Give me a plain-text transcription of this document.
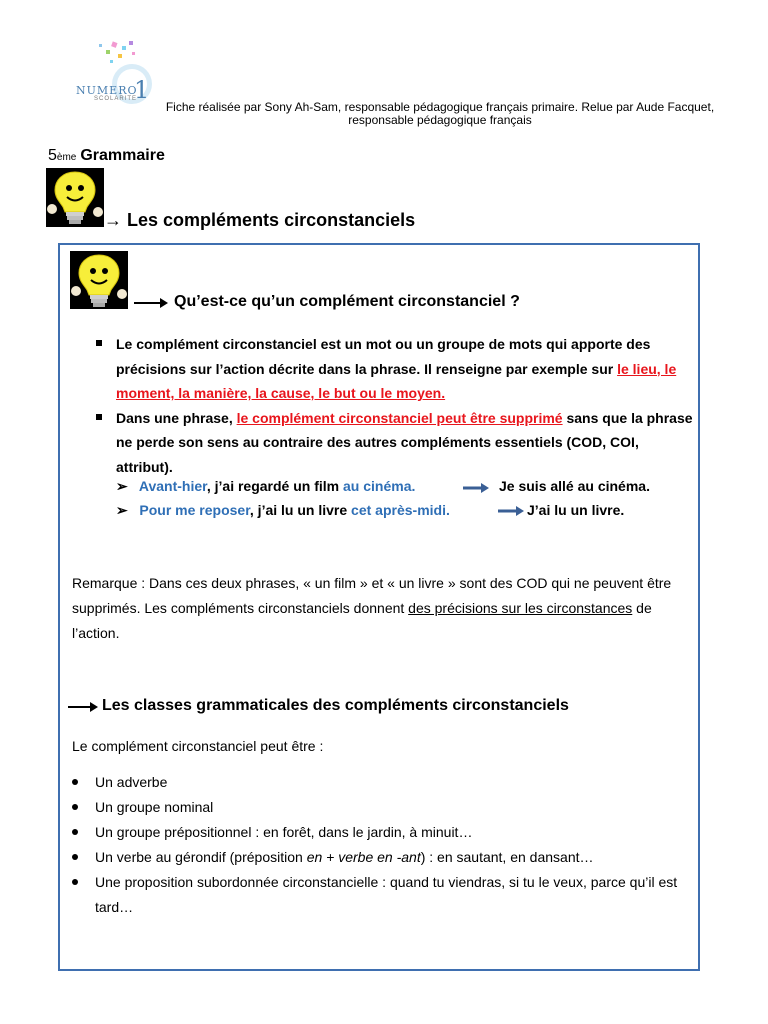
1
NUMERO
SCOLARITE
Fiche réalisée par Sony Ah-Sam, responsable pédagogique français primaire. Relue par Aude Facquet, responsable pédagogique français
5ème Grammaire
→ Les compléments circonstanciels
Qu’est-ce qu’un complément circonstanciel ?
Le complément circonstanciel est un mot ou un groupe de mots qui apporte des précisions sur l’action décrite dans la phrase. Il renseigne par exemple sur le lieu, le moment, la manière, la cause, le but ou le moyen.
Dans une phrase, le complément circonstanciel peut être supprimé sans que la phrase ne perde son sens au contraire des autres compléments essentiels (COD, COI, attribut).
➢ Avant-hier, j’ai regardé un film au cinéma.	Je suis allé au cinéma.
➢ Pour me reposer, j’ai lu un livre cet après-midi.	J’ai lu un livre.
Remarque : Dans ces deux phrases, « un film » et « un livre » sont des COD qui ne peuvent être supprimés. Les compléments circonstanciels donnent des précisions sur les circonstances de l’action.
Les classes grammaticales des compléments circonstanciels
Le complément circonstanciel peut être :
Un adverbe
Un groupe nominal
Un groupe prépositionnel : en forêt, dans le jardin, à minuit…
Un verbe au gérondif (préposition en + verbe en -ant) : en sautant, en dansant…
Une proposition subordonnée circonstancielle : quand tu viendras, si tu le veux, parce qu’il est tard…
